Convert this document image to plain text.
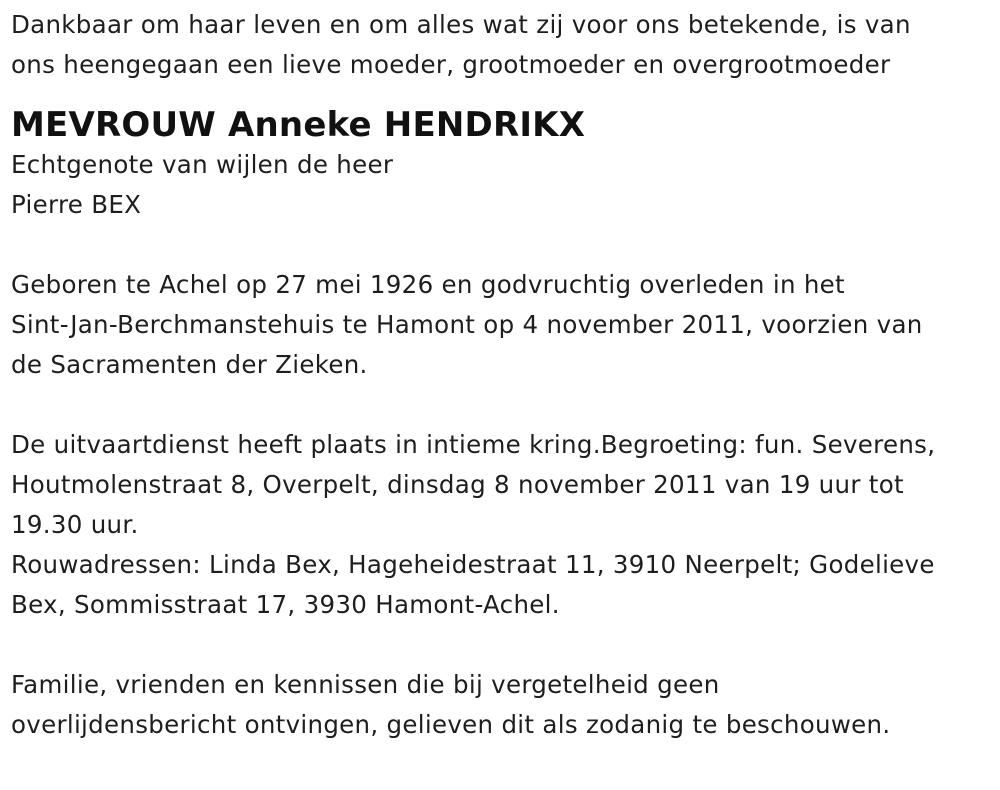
Dankbaar om haar leven en om alles wat zij voor ons betekende, is van
ons heengegaan een lieve moeder, grootmoeder en overgrootmoeder
MEVROUW Anneke HENDRIKX
Echtgenote van wijlen de heer
Pierre BEX
Geboren te Achel op 27 mei 1926 en godvruchtig overleden in het
Sint-Jan-Berchmanstehuis te Hamont op 4 november 2011, voorzien van
de Sacramenten der Zieken.
De uitvaartdienst heeft plaats in intieme kring.Begroeting: fun. Severens,
Houtmolenstraat 8, Overpelt, dinsdag 8 november 2011 van 19 uur tot
19.30 uur.
Rouwadressen: Linda Bex, Hageheidestraat 11, 3910 Neerpelt; Godelieve
Bex, Sommisstraat 17, 3930 Hamont-Achel.
Familie, vrienden en kennissen die bij vergetelheid geen
overlijdensbericht ontvingen, gelieven dit als zodanig te beschouwen.
